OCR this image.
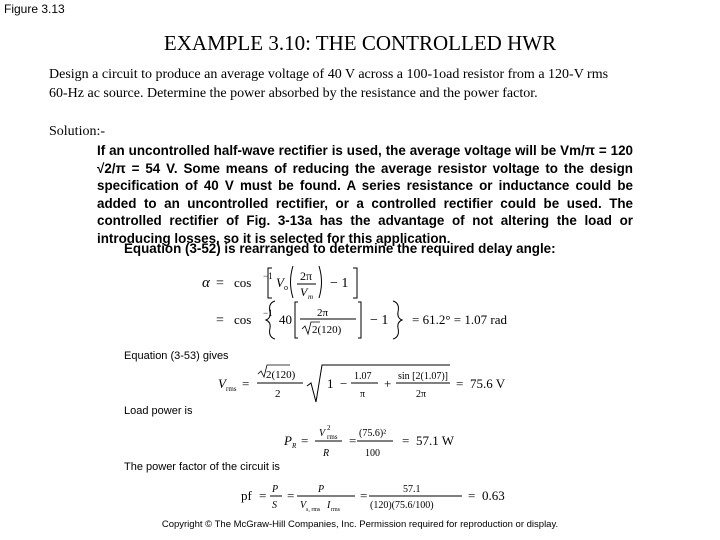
Figure 3.13
EXAMPLE 3.10: THE CONTROLLED HWR
Design a circuit to produce an average voltage of 40 V across a 100-1oad resistor from a 120-V rms 60-Hz ac source. Determine the power absorbed by the resistance and the power factor.
Solution:-
If an uncontrolled half-wave rectifier is used, the average voltage will be Vm/π = 120 √2/π = 54 V. Some means of reducing the average resistor voltage to the design specification of 40 V must be found. A series resistance or inductance could be added to an uncontrolled rectifier, or a controlled rectifier could be used. The controlled rectifier of Fig. 3-13a has the advantage of not altering the load or introducing losses, so it is selected for this application.
Equation (3-52) is rearranged to determine the required delay angle:
Equation (3-53) gives
Load power is
The power factor of the circuit is
α = cos −1 V o
2π
V m
− 1
= cos −1 40 2π
2(120)
− 1 = 61.2° = 1.07 rad
V rms =
2(120)
2
1 − 1.07
π
+ sin [2(1.07)]
2π
= 75.6 V
P R = V 2
rms
R
= (75.6)²
100
= 57.1 W
pf = P
S
= P
V s, rms I rms
=	57.1
(120)(75.6/100)
= 0.63
Copyright © The McGraw-Hill Companies, Inc. Permission required for reproduction or display.
